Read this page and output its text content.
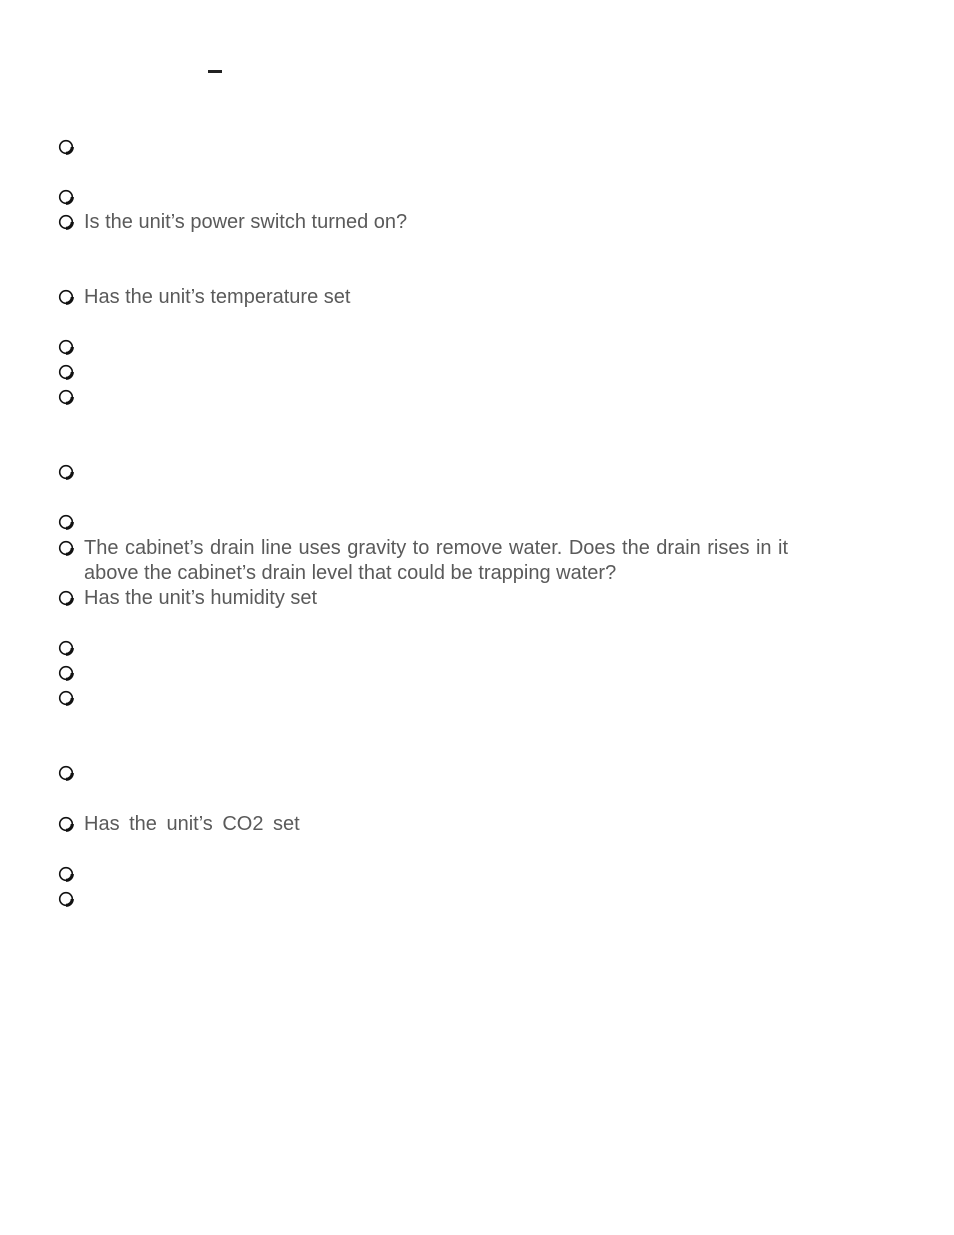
Is the unit’s power switch turned on?
Has the unit’s temperature set
The cabinet’s drain line uses gravity to remove water. Does the drain rises in it above the cabinet’s drain level that could be trapping water?
Has the unit’s humidity set
Has the unit’s CO2 set
